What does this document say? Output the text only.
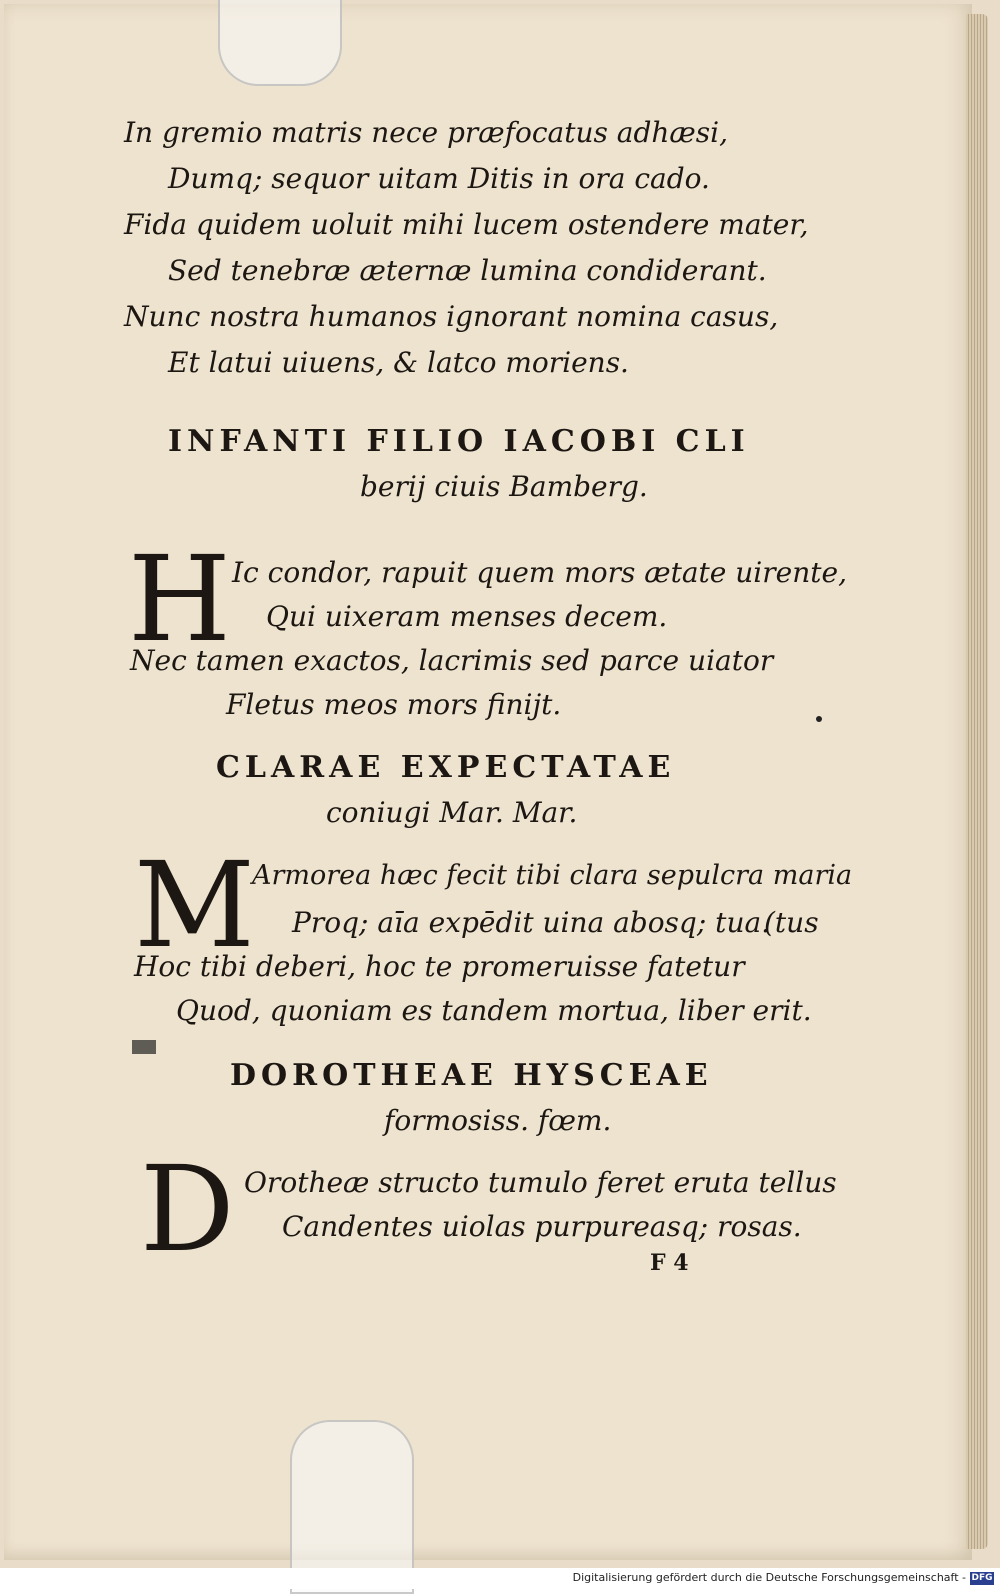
In gremio matris nece præfocatus adhæsi,
Dumq; sequor uitam Ditis in ora cado.
Fida quidem uoluit mihi lucem ostendere mater,
Sed tenebræ æternæ lumina condiderant.
Nunc nostra humanos ignorant nomina casus,
Et latui uiuens, & latco moriens.
INFANTI FILIO IACOBI CLI
berij ciuis Bamberg.
H Ic condor, rapuit quem mors ætate uirente,
Qui uixeram menses decem.
Nec tamen exactos, lacrimis sed parce uiator
Fletus meos mors finijt.
CLARAE EXPECTATAE
coniugi Mar. Mar.
M
Armorea hæc fecit tibi clara sepulcra maria
Proq; aīa expēdit uina abosq; tua.
(tus
Hoc tibi deberi, hoc te promeruisse fatetur
Quod, quoniam es tandem mortua, liber erit.
DOROTHEAE HYSCEAE
formosiss. fœm.
D Orotheæ structo tumulo feret eruta tellus
Candentes uiolas purpureasq; rosas.
F 4
Digitalisierung gefördert durch die Deutsche Forschungsgemeinschaft - DFG
